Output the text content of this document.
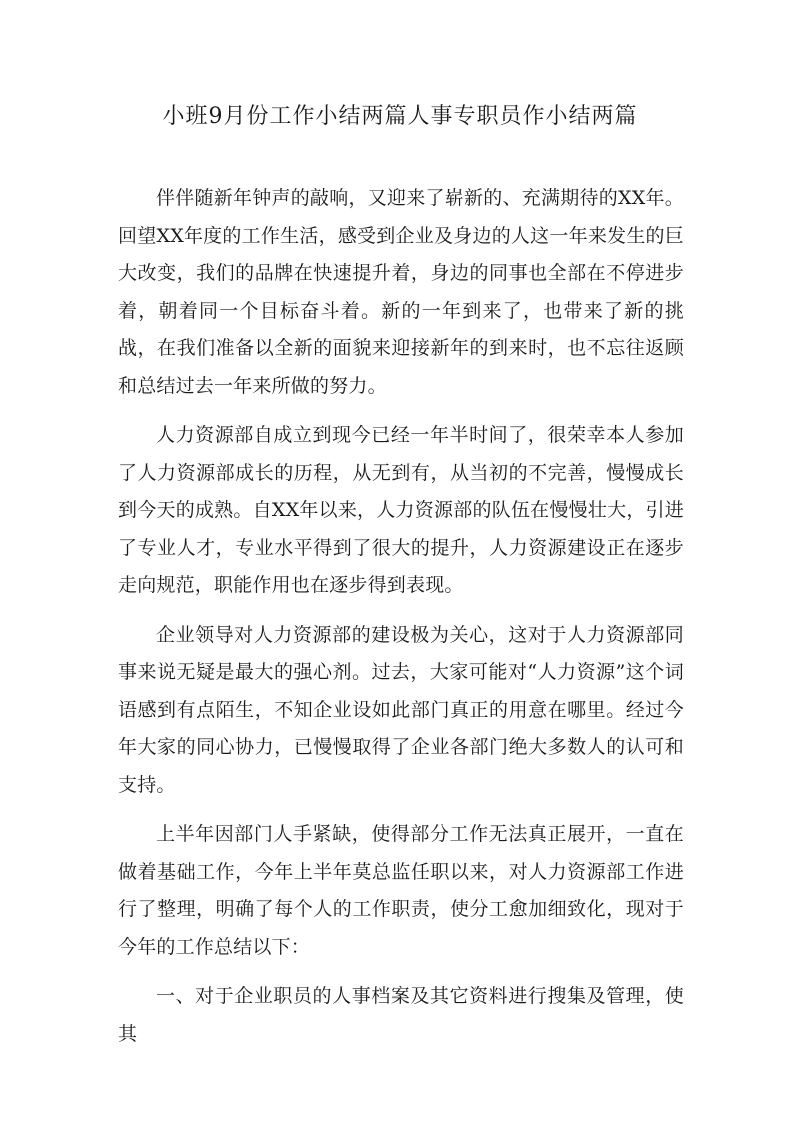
小班9月份工作小结两篇人事专职员作小结两篇

伴伴随新年钟声的敲响，又迎来了崭新的、充满期待的XX年。回望XX年度的工作生活，感受到企业及身边的人这一年来发生的巨大改变，我们的品牌在快速提升着，身边的同事也全部在不停进步着，朝着同一个目标奋斗着。新的一年到来了，也带来了新的挑战，在我们准备以全新的面貌来迎接新年的到来时，也不忘往返顾和总结过去一年来所做的努力。

人力资源部自成立到现今已经一年半时间了，很荣幸本人参加了人力资源部成长的历程，从无到有，从当初的不完善，慢慢成长到今天的成熟。自XX年以来，人力资源部的队伍在慢慢壮大，引进了专业人才，专业水平得到了很大的提升，人力资源建设正在逐步走向规范，职能作用也在逐步得到表现。

企业领导对人力资源部的建设极为关心，这对于人力资源部同事来说无疑是最大的强心剂。过去，大家可能对“人力资源”这个词语感到有点陌生，不知企业设如此部门真正的用意在哪里。经过今年大家的同心协力，已慢慢取得了企业各部门绝大多数人的认可和支持。

上半年因部门人手紧缺，使得部分工作无法真正展开，一直在做着基础工作，今年上半年莫总监任职以来，对人力资源部工作进行了整理，明确了每个人的工作职责，使分工愈加细致化，现对于今年的工作总结以下：

一、对于企业职员的人事档案及其它资料进行搜集及管理，使其
